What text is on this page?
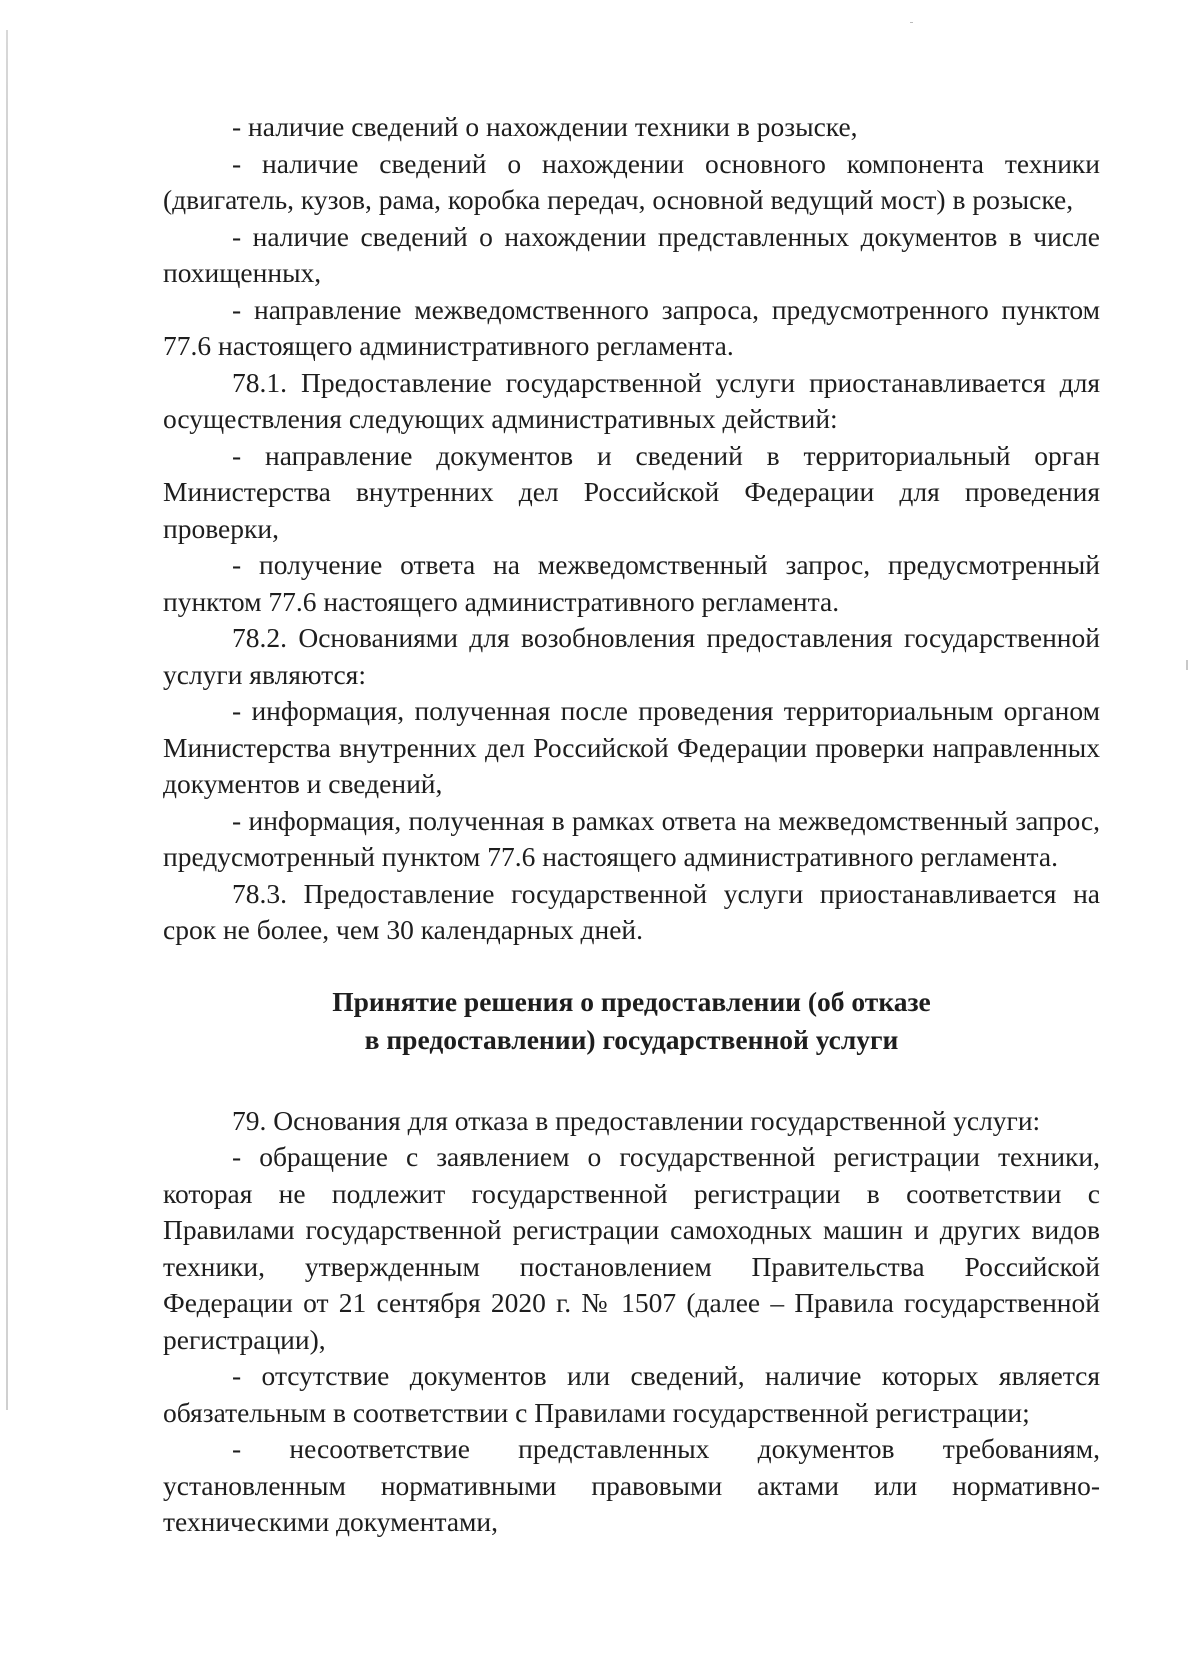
- наличие сведений о нахождении техники в розыске,

- наличие сведений о нахождении основного компонента техники (двигатель, кузов, рама, коробка передач, основной ведущий мост) в розыске,

- наличие сведений о нахождении представленных документов в числе похищенных,

- направление межведомственного запроса, предусмотренного пунктом 77.6 настоящего административного регламента.

78.1. Предоставление государственной услуги приостанавливается для осуществления следующих административных действий:

- направление документов и сведений в территориальный орган Министерства внутренних дел Российской Федерации для проведения проверки,

- получение ответа на межведомственный запрос, предусмотренный пунктом 77.6 настоящего административного регламента.

78.2. Основаниями для возобновления предоставления государственной услуги являются:

- информация, полученная после проведения территориальным органом Министерства внутренних дел Российской Федерации проверки направленных документов и сведений,

- информация, полученная в рамках ответа на межведомственный запрос, предусмотренный пунктом 77.6 настоящего административного регламента.

78.3. Предоставление государственной услуги приостанавливается на срок не более, чем 30 календарных дней.

Принятие решения о предоставлении (об отказе
в предоставлении) государственной услуги

79. Основания для отказа в предоставлении государственной услуги:

- обращение с заявлением о государственной регистрации техники, которая не подлежит государственной регистрации в соответствии с Правилами государственной регистрации самоходных машин и других видов техники, утвержденным постановлением Правительства Российской Федерации от 21 сентября 2020 г. № 1507 (далее – Правила государственной регистрации),

- отсутствие документов или сведений, наличие которых является обязательным в соответствии с Правилами государственной регистрации;

- несоответствие представленных документов требованиям, установленным нормативными правовыми актами или нормативно-техническими документами,
